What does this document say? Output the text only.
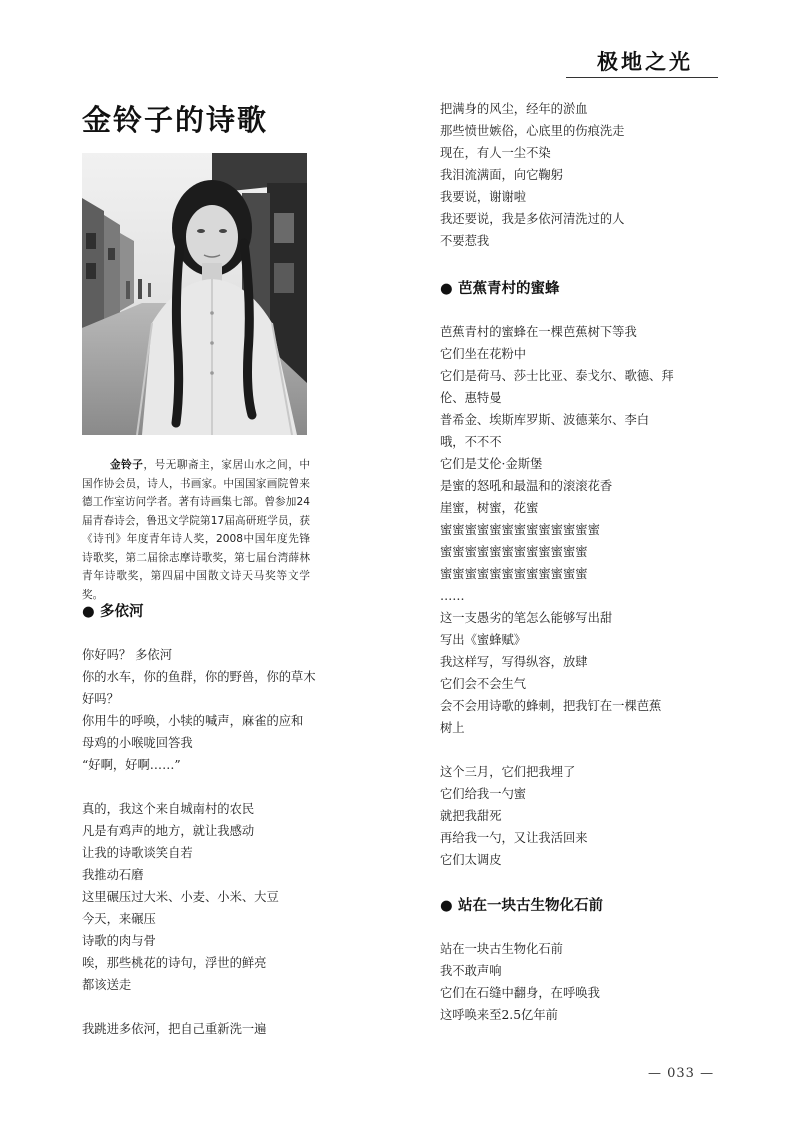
极地之光
金铃子的诗歌

金铃子，号无聊斋主，家居山水之间，中国作协会员，诗人，书画家。中国国家画院曾来德工作室访问学者。著有诗画集七部。曾参加24届青春诗会，鲁迅文学院第17届高研班学员，获《诗刊》年度青年诗人奖，2008中国年度先锋诗歌奖，第二届徐志摩诗歌奖，第七届台湾薛林青年诗歌奖，第四届中国散文诗天马奖等文学奖。

● 多依河
你好吗？ 多依河
你的水车，你的鱼群，你的野兽，你的草木
好吗？
你用牛的呼唤，小犊的喊声，麻雀的应和
母鸡的小喉咙回答我
“好啊，好啊……”
真的，我这个来自城南村的农民
凡是有鸡声的地方，就让我感动
让我的诗歌谈笑自若
我推动石磨
这里碾压过大米、小麦、小米、大豆
今天，来碾压
诗歌的肉与骨
唉，那些桃花的诗句，浮世的鲜亮
都该送走
我跳进多依河，把自己重新洗一遍
把满身的风尘，经年的淤血
那些愤世嫉俗，心底里的伤痕洗走
现在，有人一尘不染
我泪流满面，向它鞠躬
我要说，谢谢啦
我还要说，我是多依河清洗过的人
不要惹我
● 芭蕉青村的蜜蜂
芭蕉青村的蜜蜂在一棵芭蕉树下等我
它们坐在花粉中
它们是荷马、莎士比亚、泰戈尔、歌德、拜
伦、惠特曼
普希金、埃斯库罗斯、波德莱尔、李白
哦，不不不
它们是艾伦·金斯堡
是蜜的怒吼和最温和的滚滚花香
崖蜜，树蜜，花蜜
蜜蜜蜜蜜蜜蜜蜜蜜蜜蜜蜜蜜蜜
蜜蜜蜜蜜蜜蜜蜜蜜蜜蜜蜜蜜
蜜蜜蜜蜜蜜蜜蜜蜜蜜蜜蜜蜜
……
这一支愚劣的笔怎么能够写出甜
写出《蜜蜂赋》
我这样写，写得纵容，放肆
它们会不会生气
会不会用诗歌的蜂刺，把我钉在一棵芭蕉
树上
这个三月，它们把我埋了
它们给我一勺蜜
就把我甜死
再给我一勺，又让我活回来
它们太调皮
● 站在一块古生物化石前
站在一块古生物化石前
我不敢声响
它们在石缝中翻身，在呼唤我
这呼唤来至2.5亿年前
— 033 —
